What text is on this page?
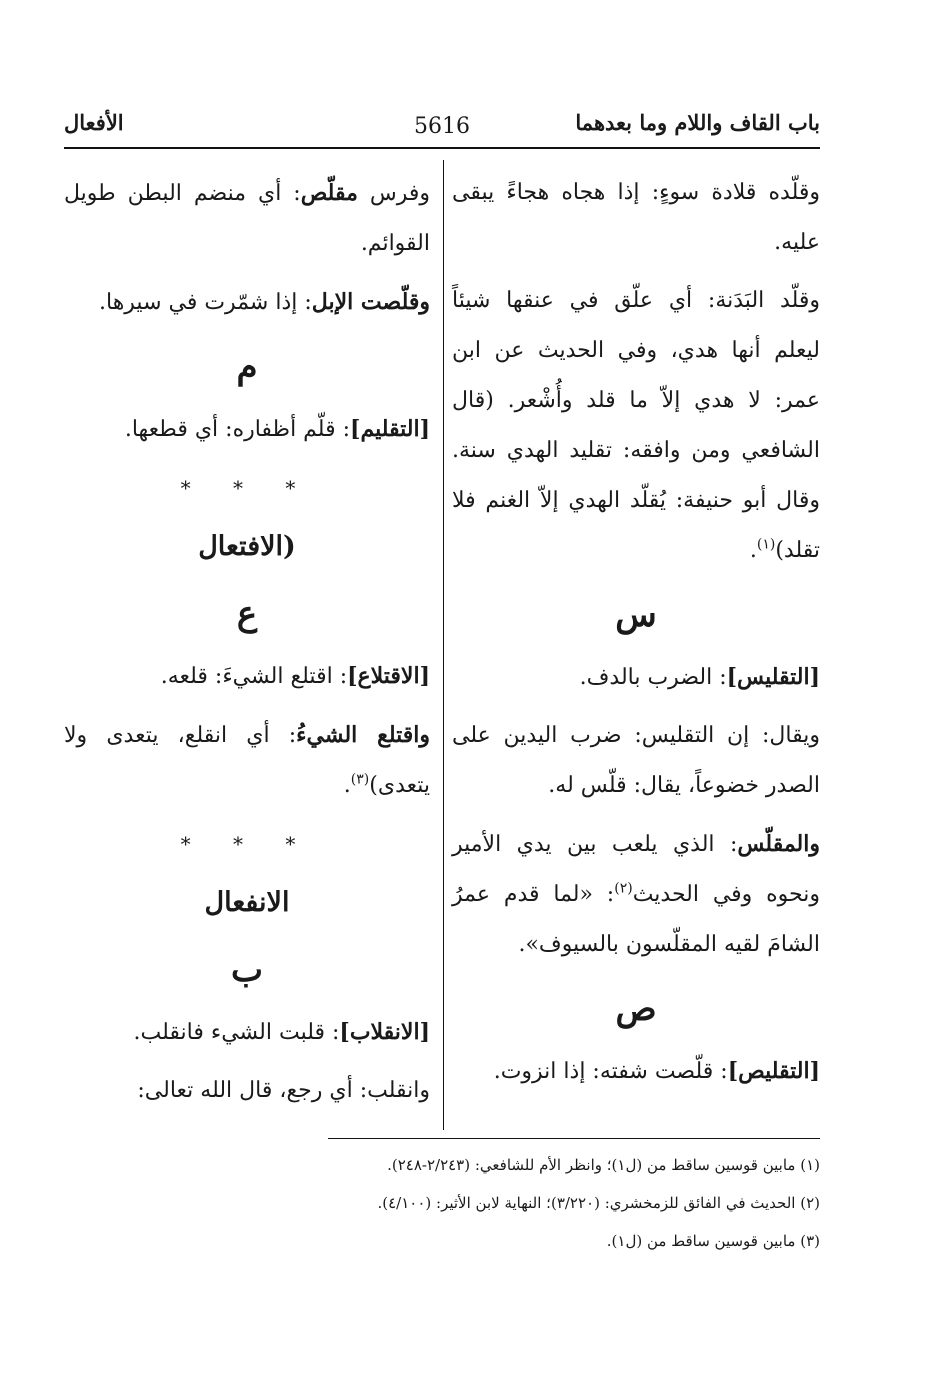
باب القاف واللام وما بعدهما
5616
الأفعال

وقلّده قلادة سوءٍ: إذا هجاه هجاءً يبقى عليه.

وقلّد البَدَنة: أي علّق في عنقها شيئاً ليعلم أنها هدي، وفي الحديث عن ابن عمر: لا هدي إلاّ ما قلد وأُشْعر. (قال الشافعي ومن وافقه: تقليد الهدي سنة. وقال أبو حنيفة: يُقلّد الهدي إلاّ الغنم فلا تقلد)$^{(١)}$.

س

[التقليس]: الضرب بالدف.

ويقال: إن التقليس: ضرب اليدين على الصدر خضوعاً، يقال: قلّس له.

والمقلّس: الذي يلعب بين يدي الأمير ونحوه وفي الحديث$^{(٢)}$: «لما قدم عمرُ الشامَ لقيه المقلّسون بالسيوف».

ص

[التقليص]: قلّصت شفته: إذا انزوت.

وفرس مقلّص: أي منضم البطن طويل القوائم.

وقلّصت الإبل: إذا شمّرت في سيرها.

م

[التقليم]: قلّم أظفاره: أي قطعها.

* * *
(الافتعال
ع

[الاقتلاع]: اقتلع الشيءَ: قلعه.

واقتلع الشيءُ: أي انقلع، يتعدى ولا يتعدى)$^{(٣)}$.

* * *
الانفعال
ب

[الانقلاب]: قلبت الشيء فانقلب.

وانقلب: أي رجع، قال الله تعالى:

(١) مابين قوسين ساقط من (ل١)؛ وانظر الأم للشافعي: (٢/٢٤٣-٢٤٨).

(٢) الحديث في الفائق للزمخشري: (٣/٢٢٠)؛ النهاية لابن الأثير: (٤/١٠٠).

(٣) مابين قوسين ساقط من (ل١).
